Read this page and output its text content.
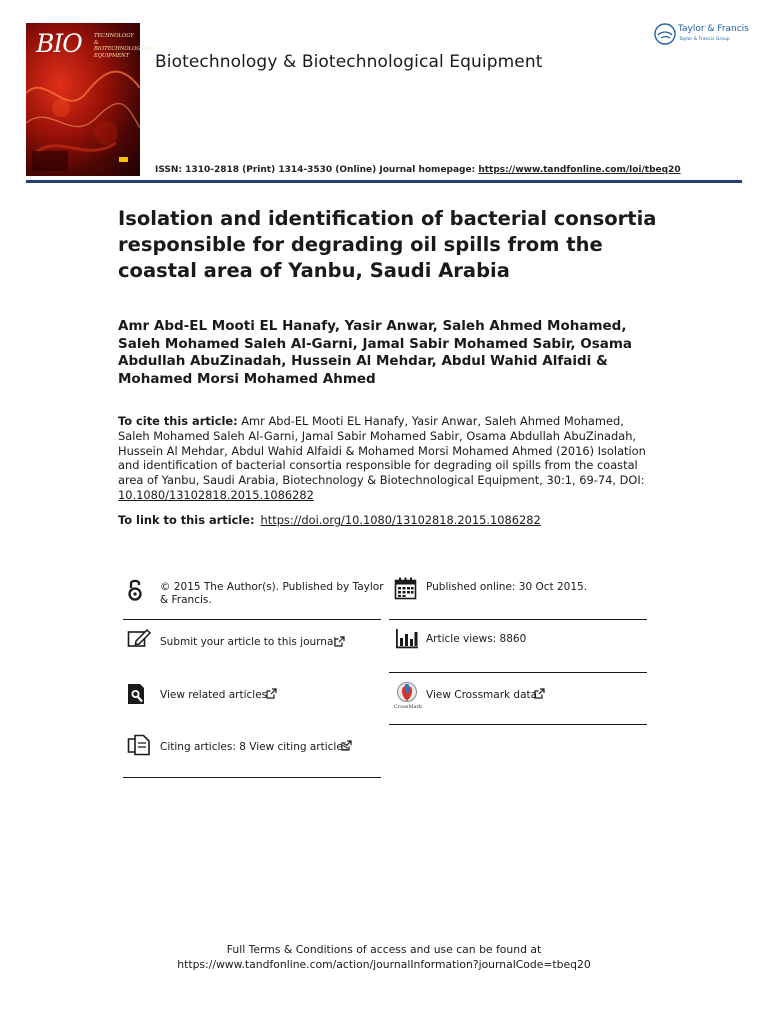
BIO TECHNOLOGY
& BIOTECHNOLOGICAL
EQUIPMENT	Biotechnology & Biotechnological Equipment
ISSN: 1310-2818 (Print) 1314-3530 (Online) Journal homepage: https://www.tandfonline.com/loi/tbeq20
Taylor & Francis
Taylor & Francis Group
Isolation and identification of bacterial consortia responsible for degrading oil spills from the coastal area of Yanbu, Saudi Arabia
Amr Abd-EL Mooti EL Hanafy, Yasir Anwar, Saleh Ahmed Mohamed, Saleh Mohamed Saleh Al-Garni, Jamal Sabir Mohamed Sabir, Osama Abdullah AbuZinadah, Hussein Al Mehdar, Abdul Wahid Alfaidi & Mohamed Morsi Mohamed Ahmed
To cite this article: Amr Abd-EL Mooti EL Hanafy, Yasir Anwar, Saleh Ahmed Mohamed, Saleh Mohamed Saleh Al-Garni, Jamal Sabir Mohamed Sabir, Osama Abdullah AbuZinadah, Hussein Al Mehdar, Abdul Wahid Alfaidi & Mohamed Morsi Mohamed Ahmed (2016) Isolation and identification of bacterial consortia responsible for degrading oil spills from the coastal area of Yanbu, Saudi Arabia, Biotechnology & Biotechnological Equipment, 30:1, 69-74, DOI: 10.1080/13102818.2015.1086282
To link to this article: https://doi.org/10.1080/13102818.2015.1086282
© 2015 The Author(s). Published by Taylor & Francis.
Published online: 30 Oct 2015.
Submit your article to this journal	Article views: 8860
View related articles
CrossMark
View Crossmark data
Citing articles: 8 View citing articles
Full Terms & Conditions of access and use can be found at
https://www.tandfonline.com/action/journalInformation?journalCode=tbeq20
